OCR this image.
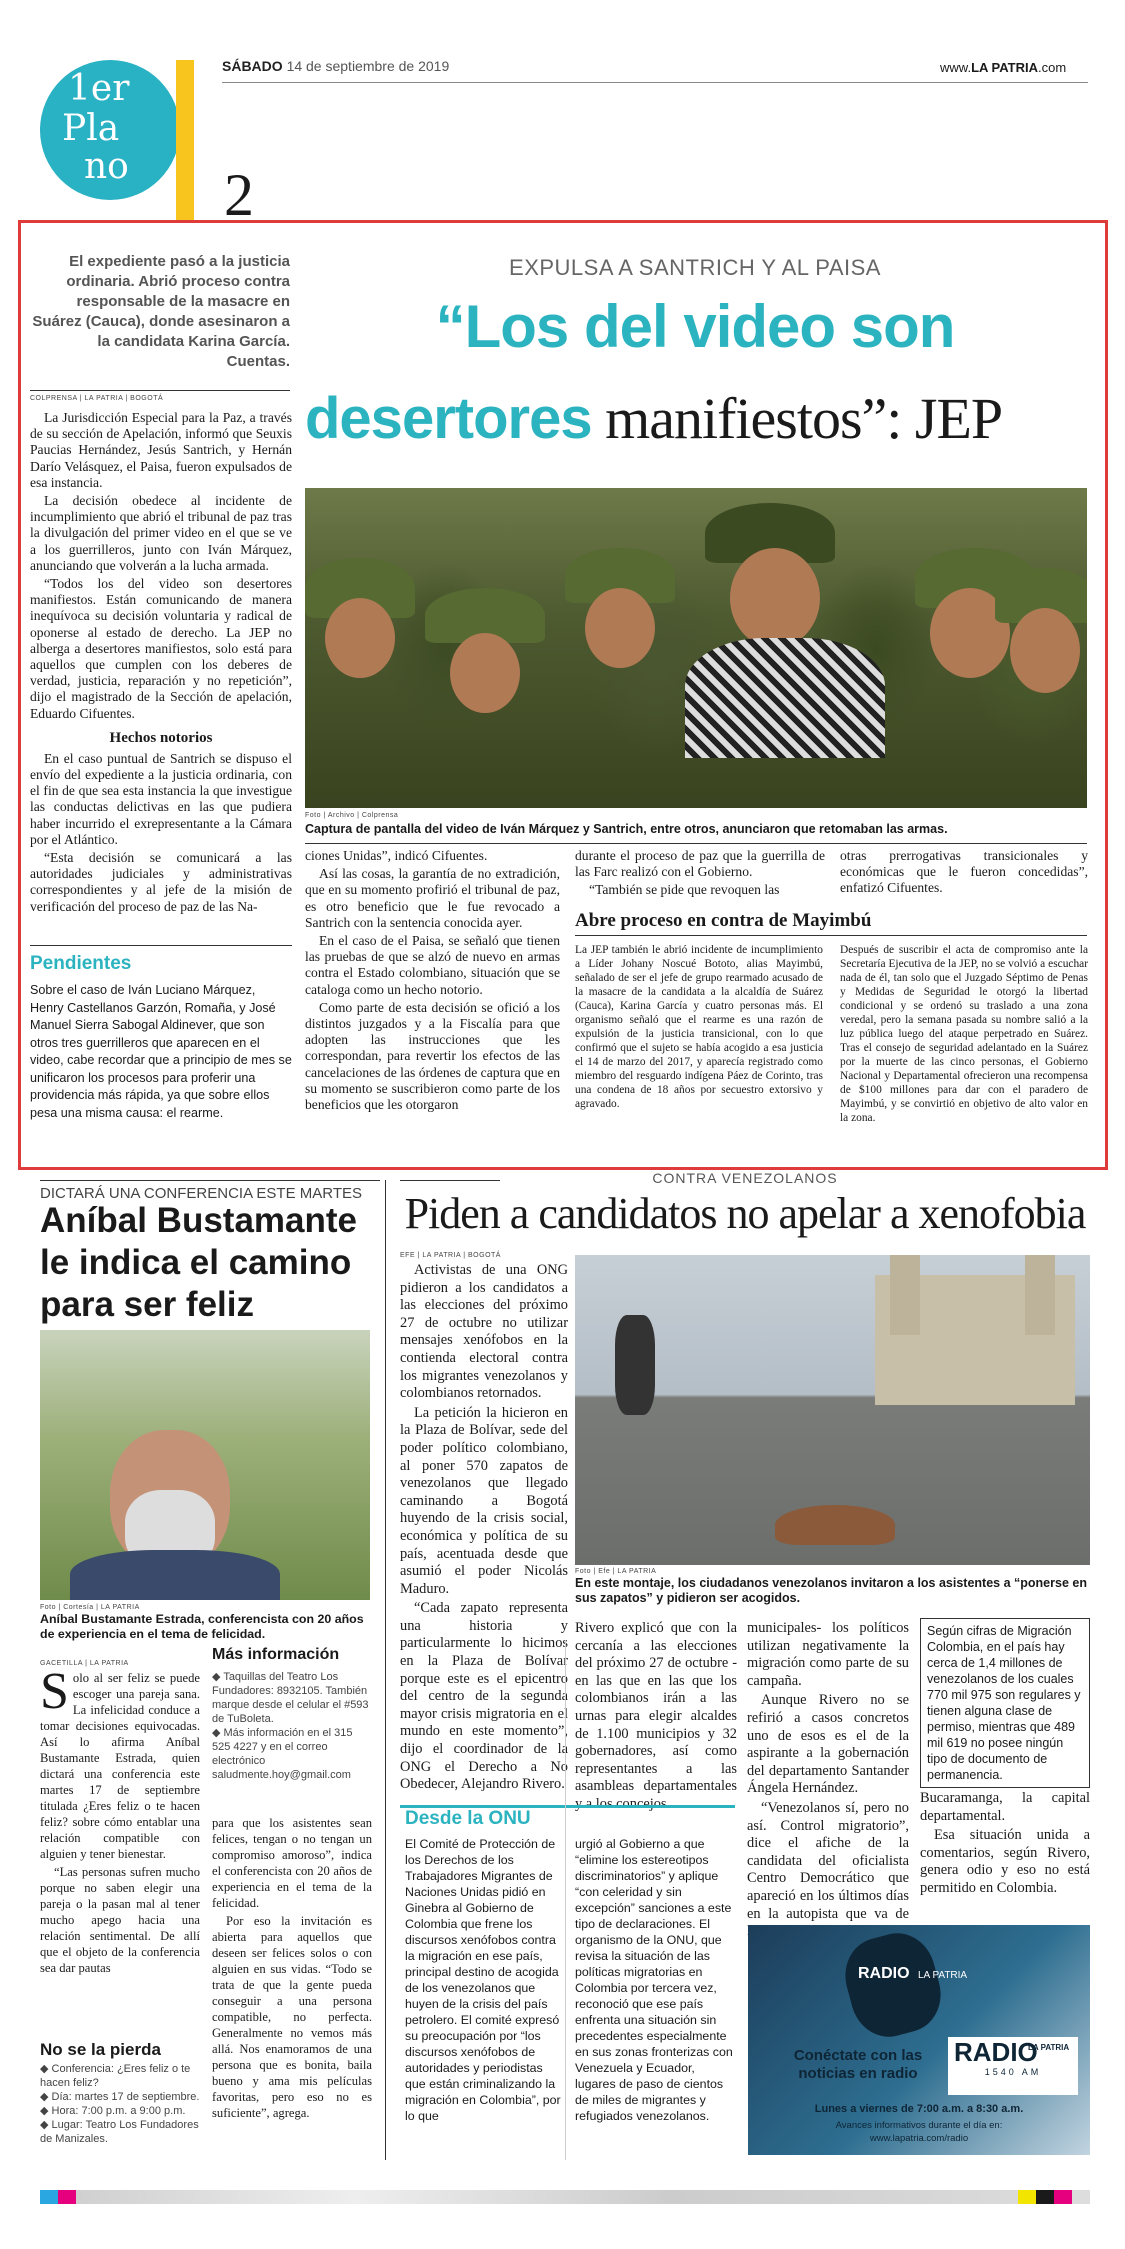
1er
Pla
no
SÁBADO 14 de septiembre de 2019	www.LA PATRIA.com
2
El expediente pasó a la justicia ordinaria. Abrió proceso contra responsable de la masacre en Suárez (Cauca), donde asesinaron a la candidata Karina García. Cuentas.
COLPRENSA | LA PATRIA | BOGOTÁ
EXPULSA A SANTRICH Y AL PAISA
“Los del video son
desertores manifiestos”: JEP

La Jurisdicción Especial para la Paz, a través de su sección de Apelación, informó que Seuxis Paucias Hernández, Jesús Santrich, y Hernán Darío Velásquez, el Paisa, fueron expulsados de esa instancia.

La decisión obedece al incidente de incumplimiento que abrió el tribunal de paz tras la divulgación del primer video en el que se ve a los guerrilleros, junto con Iván Márquez, anunciando que volverán a la lucha armada.

“Todos los del video son desertores manifiestos. Están comunicando de manera inequívoca su decisión voluntaria y radical de oponerse al estado de derecho. La JEP no alberga a desertores manifiestos, solo está para aquellos que cumplen con los deberes de verdad, justicia, reparación y no repetición”, dijo el magistrado de la Sección de apelación, Eduardo Cifuentes.

Hechos notorios

En el caso puntual de Santrich se dispuso el envío del expediente a la justicia ordinaria, con el fin de que sea esta instancia la que investigue las conductas delictivas en las que pudiera haber incurrido el exrepresentante a la Cámara por el Atlántico.

“Esta decisión se comunicará a las autoridades judiciales y administrativas correspondientes y al jefe de la misión de verificación del proceso de paz de las Na-

Pendientes
Sobre el caso de Iván Luciano Márquez, Henry Castellanos Garzón, Romaña, y José Manuel Sierra Sabogal Aldinever, que son otros tres guerrilleros que aparecen en el video, cabe recordar que a principio de mes se unificaron los procesos para proferir una providencia más rápida, ya que sobre ellos pesa una misma causa: el rearme.
Foto | Archivo | Colprensa
Captura de pantalla del video de Iván Márquez y Santrich, entre otros, anunciaron que retomaban las armas.

ciones Unidas”, indicó Cifuentes.

Así las cosas, la garantía de no extradición, que en su momento profirió el tribunal de paz, es otro beneficio que le fue revocado a Santrich con la sentencia conocida ayer.

En el caso de el Paisa, se señaló que tienen las pruebas de que se alzó de nuevo en armas contra el Estado colombiano, situación que se cataloga como un hecho notorio.

Como parte de esta decisión se ofició a los distintos juzgados y a la Fiscalía para que adopten las instrucciones que les correspondan, para revertir los efectos de las cancelaciones de las órdenes de captura que en su momento se suscribieron como parte de los beneficios que les otorgaron

durante el proceso de paz que la guerrilla de las Farc realizó con el Gobierno.

“También se pide que revoquen las

otras prerrogativas transicionales y económicas que le fueron concedidas”, enfatizó Cifuentes.

Abre proceso en contra de Mayimbú
La JEP también le abrió incidente de incumplimiento a Líder Johany Noscué Bototo, alias Mayimbú, señalado de ser el jefe de grupo rearmado acusado de la masacre de la candidata a la alcaldía de Suárez (Cauca), Karina García y cuatro personas más. El organismo señaló que el rearme es una razón de expulsión de la justicia transicional, con lo que confirmó que el sujeto se había acogido a esa justicia el 14 de marzo del 2017, y aparecía registrado como miembro del resguardo indígena Páez de Corinto, tras una condena de 18 años por secuestro extorsivo y agravado.
Después de suscribir el acta de compromiso ante la Secretaría Ejecutiva de la JEP, no se volvió a escuchar nada de él, tan solo que el Juzgado Séptimo de Penas y Medidas de Seguridad le otorgó la libertad condicional y se ordenó su traslado a una zona veredal, pero la semana pasada su nombre salió a la luz pública luego del ataque perpetrado en Suárez. Tras el consejo de seguridad adelantado en la Suárez por la muerte de las cinco personas, el Gobierno Nacional y Departamental ofrecieron una recompensa de $100 millones para dar con el paradero de Mayimbú, y se convirtió en objetivo de alto valor en la zona.
DICTARÁ UNA CONFERENCIA ESTE MARTES
Aníbal Bustamante le indica el camino para ser feliz
Foto | Cortesía | LA PATRIA
Aníbal Bustamante Estrada, conferencista con 20 años de experiencia en el tema de felicidad.
GACETILLA | LA PATRIA
S olo al ser feliz se puede escoger una pareja sana. La infelicidad conduce a tomar decisiones equivocadas. Así lo afirma Aníbal Bustamante Estrada, quien dictará una conferencia este martes 17 de septiembre titulada ¿Eres feliz o te hacen feliz? sobre cómo entablar una relación compatible con alguien y tener bienestar.

“Las personas sufren mucho porque no saben elegir una pareja o la pasan mal al tener mucho apego hacia una relación sentimental. De allí que el objeto de la conferencia sea dar pautas

Más información
◆ Taquillas del Teatro Los Fundadores: 8932105. También marque desde el celular el #593 de TuBoleta.
◆ Más información en el 315 525 4227 y en el correo electrónico saludmente.hoy@gmail.com

para que los asistentes sean felices, tengan o no tengan un compromiso amoroso”, indica el conferencista con 20 años de experiencia en el tema de la felicidad.

Por eso la invitación es abierta para aquellos que deseen ser felices solos o con alguien en sus vidas. “Todo se trata de que la gente pueda conseguir a una persona compatible, no perfecta. Generalmente no vemos más allá. Nos enamoramos de una persona que es bonita, baila bueno y ama mis películas favoritas, pero eso no es suficiente”, agrega.

No se la pierda
◆ Conferencia: ¿Eres feliz o te hacen feliz?
◆ Día: martes 17 de septiembre.
◆ Hora: 7:00 p.m. a 9:00 p.m.
◆ Lugar: Teatro Los Fundadores de Manizales.
CONTRA VENEZOLANOS
Piden a candidatos no apelar a xenofobia
EFE | LA PATRIA | BOGOTÁ

Activistas de una ONG pidieron a los candidatos a las elecciones del próximo 27 de octubre no utilizar mensajes xenófobos en la contienda electoral contra los migrantes venezolanos y colombianos retornados.

La petición la hicieron en la Plaza de Bolívar, sede del poder político colombiano, al poner 570 zapatos de venezolanos que llegado caminando a Bogotá huyendo de la crisis social, económica y política de su país, acentuada desde que asumió el poder Nicolás Maduro.

“Cada zapato representa una historia y particularmente lo hicimos en la Plaza de Bolívar porque este es el epicentro del centro de la segunda mayor crisis migratoria en el mundo en este momento”, dijo el coordinador de la ONG el Derecho a No Obedecer, Alejandro Rivero.

Foto | Efe | LA PATRIA
En este montaje, los ciudadanos venezolanos invitaron a los asistentes a “ponerse en sus zapatos” y pidieron ser acogidos.
Rivero explicó que con la cercanía a las elecciones del próximo 27 de octubre -en las que en las que los colombianos irán a las urnas para elegir alcaldes de 1.100 municipios y 32 gobernadores, así como representantes a las asambleas departamentales y a los concejos

municipales- los políticos utilizan negativamente la migración como parte de su campaña.

Aunque Rivero no se refirió a casos concretos uno de esos es el de la aspirante a la gobernación del departamento Santander Ángela Hernández.

“Venezolanos sí, pero no así. Control migratorio”, dice el afiche de la candidata del oficialista Centro Democrático que apareció en los últimos días en la autopista que va de

Según cifras de Migración Colombia, en el país hay cerca de 1,4 millones de venezolanos de los cuales 770 mil 975 son regulares y tienen alguna clase de permiso, mientras que 489 mil 619 no posee ningún tipo de documento de permanencia.

Bucaramanga, la capital departamental.

Esa situación unida a comentarios, según Rivero, genera odio y eso no está permitido en Colombia.

Desde la ONU
El Comité de Protección de los Derechos de los Trabajadores Migrantes de Naciones Unidas pidió en Ginebra al Gobierno de Colombia que frene los discursos xenófobos contra la migración en ese país, principal destino de acogida de los venezolanos que huyen de la crisis del país petrolero. El comité expresó su preocupación por “los discursos xenófobos de autoridades y periodistas que están criminalizando la migración en Colombia”, por lo que
urgió al Gobierno a que “elimine los estereotipos discriminatorios” y aplique “con celeridad y sin excepción” sanciones a este tipo de declaraciones. El organismo de la ONU, que revisa la situación de las políticas migratorias en Colombia por tercera vez, reconoció que ese país enfrenta una situación sin precedentes especialmente en sus zonas fronterizas con Venezuela y Ecuador, lugares de paso de cientos de miles de migrantes y refugiados venezolanos.
RADIO LA PATRIA
Conéctate con las
noticias en radio
RADIO
LA PATRIA
1540 AM
Lunes a viernes de 7:00 a.m. a 8:30 a.m.
Avances informativos durante el día en:
www.lapatria.com/radio
